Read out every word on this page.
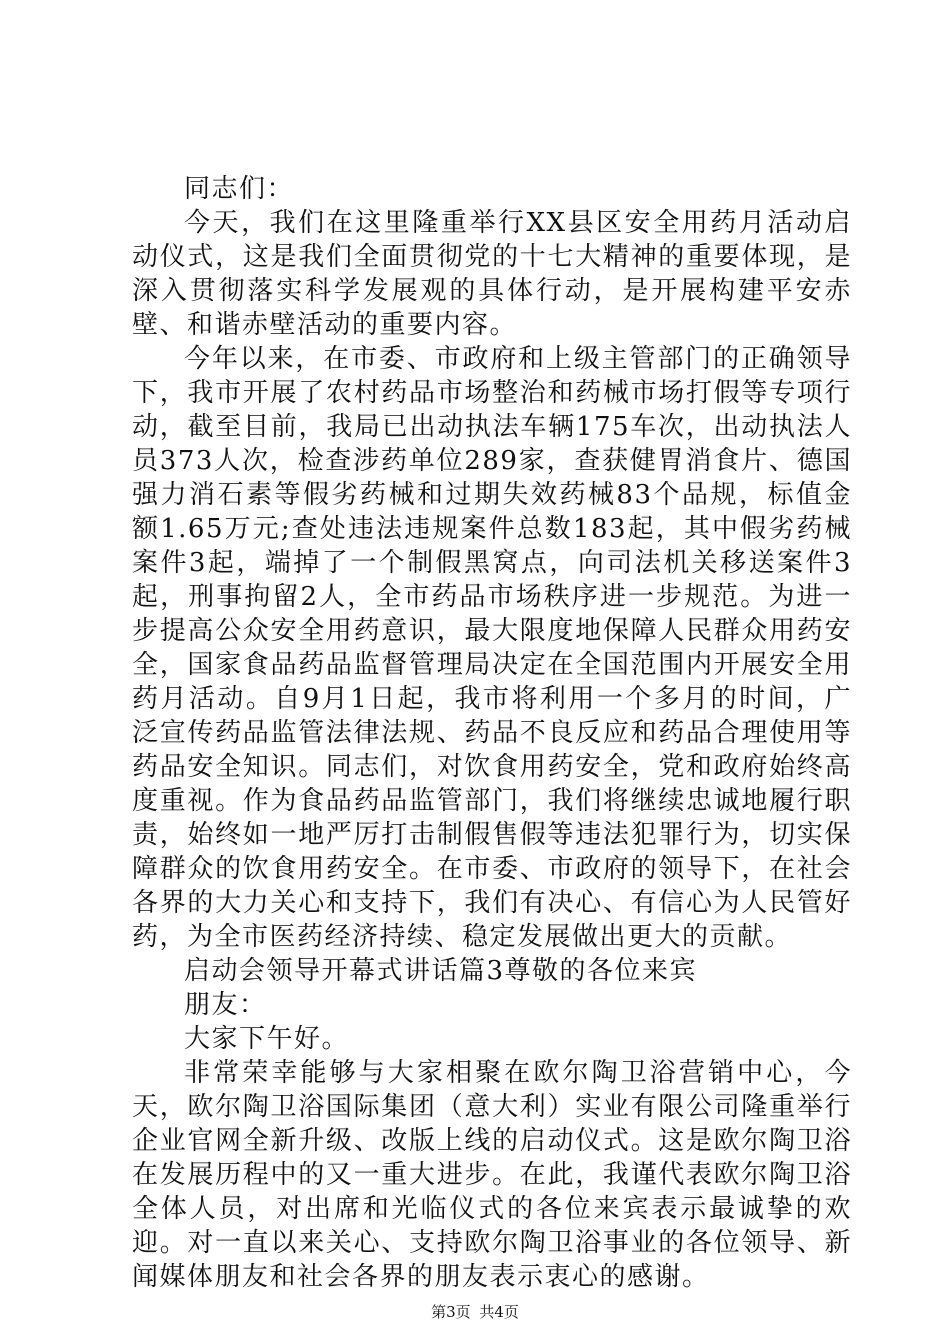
同志们：

今天，我们在这里隆重举行XX县区安全用药月活动启动仪式，这是我们全面贯彻党的十七大精神的重要体现，是深入贯彻落实科学发展观的具体行动，是开展构建平安赤壁、和谐赤壁活动的重要内容。

今年以来，在市委、市政府和上级主管部门的正确领导下，我市开展了农村药品市场整治和药械市场打假等专项行动，截至目前，我局已出动执法车辆175车次，出动执法人员373人次，检查涉药单位289家，查获健胃消食片、德国强力消石素等假劣药械和过期失效药械83个品规，标值金额1.65万元;查处违法违规案件总数183起，其中假劣药械案件3起，端掉了一个制假黑窝点，向司法机关移送案件3起，刑事拘留2人，全市药品市场秩序进一步规范。为进一步提高公众安全用药意识，最大限度地保障人民群众用药安全，国家食品药品监督管理局决定在全国范围内开展安全用药月活动。自9月1日起，我市将利用一个多月的时间，广泛宣传药品监管法律法规、药品不良反应和药品合理使用等药品安全知识。同志们，对饮食用药安全，党和政府始终高度重视。作为食品药品监管部门，我们将继续忠诚地履行职责，始终如一地严厉打击制假售假等违法犯罪行为，切实保障群众的饮食用药安全。在市委、市政府的领导下，在社会各界的大力关心和支持下，我们有决心、有信心为人民管好药，为全市医药经济持续、稳定发展做出更大的贡献。

启动会领导开幕式讲话篇3尊敬的各位来宾

朋友：

大家下午好。

非常荣幸能够与大家相聚在欧尔陶卫浴营销中心，今天，欧尔陶卫浴国际集团（意大利）实业有限公司隆重举行企业官网全新升级、改版上线的启动仪式。这是欧尔陶卫浴在发展历程中的又一重大进步。在此，我谨代表欧尔陶卫浴全体人员，对出席和光临仪式的各位来宾表示最诚挚的欢迎。对一直以来关心、支持欧尔陶卫浴事业的各位领导、新闻媒体朋友和社会各界的朋友表示衷心的感谢。

第3页 共4页
